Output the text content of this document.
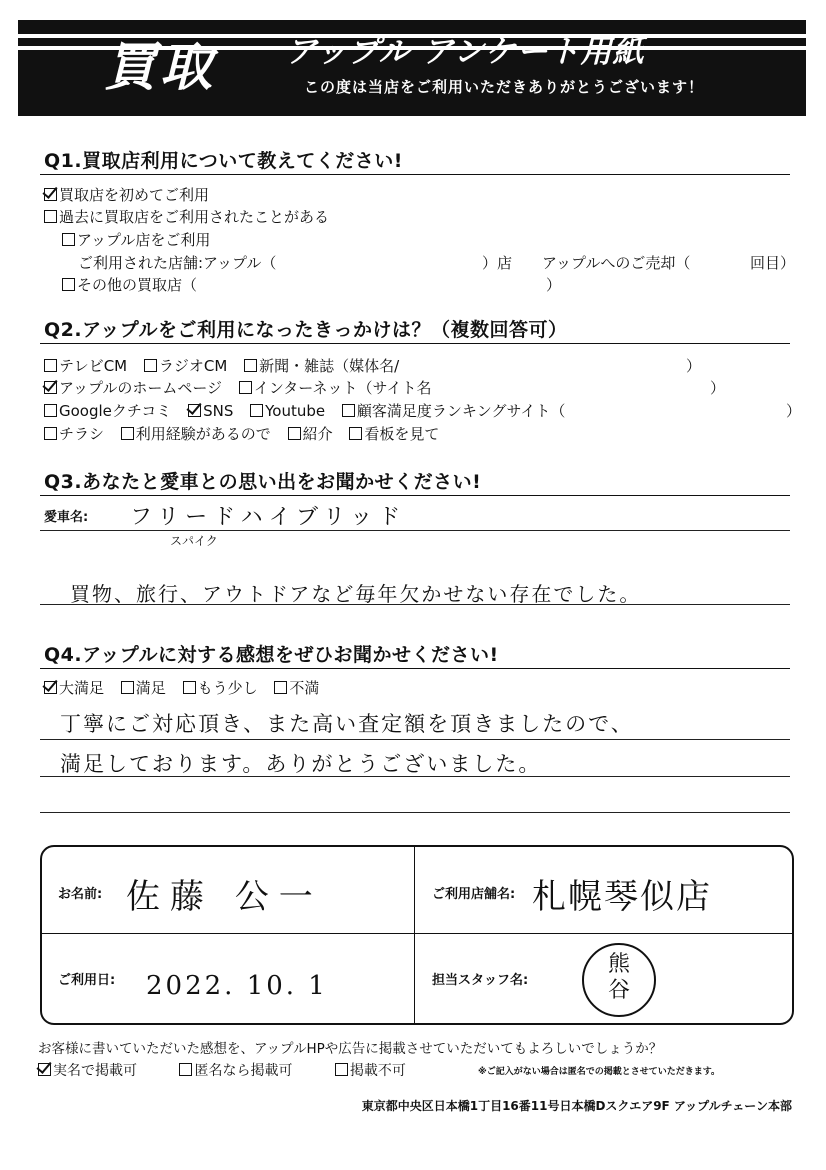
買取 アップル アンケート用紙
この度は当店をご利用いただきありがとうございます！
Q1.買取店利用について教えてください!
買取店を初めてご利用
過去に買取店をご利用されたことがある
アップル店をご利用
ご利用された店舗:アップル（	）店 アップルへのご売却（	回目）
その他の買取店（	）
Q2.アップルをご利用になったきっかけは？（複数回答可）
テレビCM ラジオCM 新聞・雑誌（媒体名/	）
アップルのホームページ インターネット（サイト名	）
Googleクチコミ SNS Youtube 顧客満足度ランキングサイト（	）
チラシ 利用経験があるので 紹介 看板を見て
Q3.あなたと愛車との思い出をお聞かせください!
愛車名: フリードハイブリッド
スパイク
買物、旅行、アウトドアなど毎年欠かせない存在でした。
Q4.アップルに対する感想をぜひお聞かせください!
大満足 満足 もう少し 不満
丁寧にご対応頂き、また高い査定額を頂きましたので、
満足しております。ありがとうございました。
お名前: 佐藤 公一	ご利用店舗名: 札幌琴似店
ご利用日: 2022. 10. 1	担当スタッフ名:
熊
谷
お客様に書いていただいた感想を、アップルHPや広告に掲載させていただいてもよろしいでしょうか？
実名で掲載可	匿名なら掲載可	掲載不可	※ご記入がない場合は匿名での掲載とさせていただきます。
東京都中央区日本橋1丁目16番11号日本橋Dスクエア9F アップルチェーン本部
